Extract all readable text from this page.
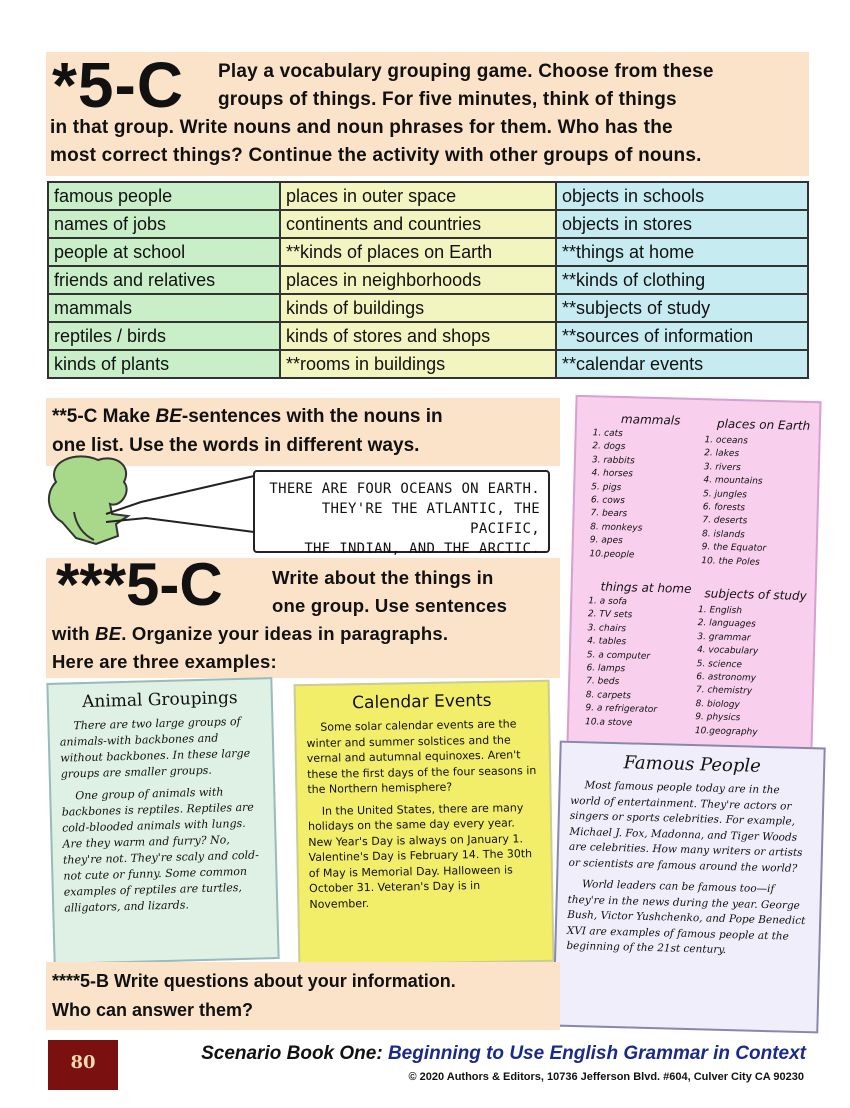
*5-C Play a vocabulary grouping game. Choose from these
groups of things. For five minutes, think of things
in that group. Write nouns and noun phrases for them. Who has the
most correct things? Continue the activity with other groups of nouns.
famous people	places in outer space	objects in schools
names of jobs	continents and countries	objects in stores
people at school	**kinds of places on Earth	**things at home
friends and relatives	places in neighborhoods	**kinds of clothing
mammals	kinds of buildings	**subjects of study
reptiles / birds	kinds of stores and shops	**sources of information
kinds of plants	**rooms in buildings	**calendar events

**5-C Make BE-sentences with the nouns in
one list. Use the words in different ways.

THERE ARE FOUR OCEANS ON EARTH.
THEY'RE THE ATLANTIC, THE PACIFIC,
THE INDIAN, AND THE ARCTIC.
***5-C	Write about the things in
one group. Use sentences
with BE. Organize your ideas in paragraphs.
Here are three examples:
mammals
1. cats
2. dogs
3. rabbits
4. horses
5. pigs
6. cows
7. bears
8. monkeys
9. apes
10.people
places on Earth
1. oceans
2. lakes
3. rivers
4. mountains
5. jungles
6. forests
7. deserts
8. islands
9. the Equator
10. the Poles
things at home
1. a sofa
2. TV sets
3. chairs
4. tables
5. a computer
6. lamps
7. beds
8. carpets
9. a refrigerator
10.a stove
subjects of study
1. English
2. languages
3. grammar
4. vocabulary
5. science
6. astronomy
7. chemistry
8. biology
9. physics
10.geography
Animal Groupings

There are two large groups of animals-with backbones and without backbones. In these large groups are smaller groups.

One group of animals with backbones is reptiles. Reptiles are cold-blooded animals with lungs. Are they warm and furry? No, they're not. They're scaly and cold-not cute or funny. Some common examples of reptiles are turtles, alligators, and lizards.

Calendar Events

Some solar calendar events are the winter and summer solstices and the vernal and autumnal equinoxes. Aren't these the first days of the four seasons in the Northern hemisphere?

In the United States, there are many holidays on the same day every year. New Year's Day is always on January 1. Valentine's Day is February 14. The 30th of May is Memorial Day. Halloween is October 31. Veteran's Day is in November.

Famous People

Most famous people today are in the world of entertainment. They're actors or singers or sports celebrities. For example, Michael J. Fox, Madonna, and Tiger Woods are celebrities. How many writers or artists or scientists are famous around the world?

World leaders can be famous too—if they're in the news during the year. George Bush, Victor Yushchenko, and Pope Benedict XVI are examples of famous people at the beginning of the 21st century.

****5-B Write questions about your information.
Who can answer them?

80	Scenario Book One: Beginning to Use English Grammar in Context
© 2020 Authors & Editors, 10736 Jefferson Blvd. #604, Culver City CA 90230
